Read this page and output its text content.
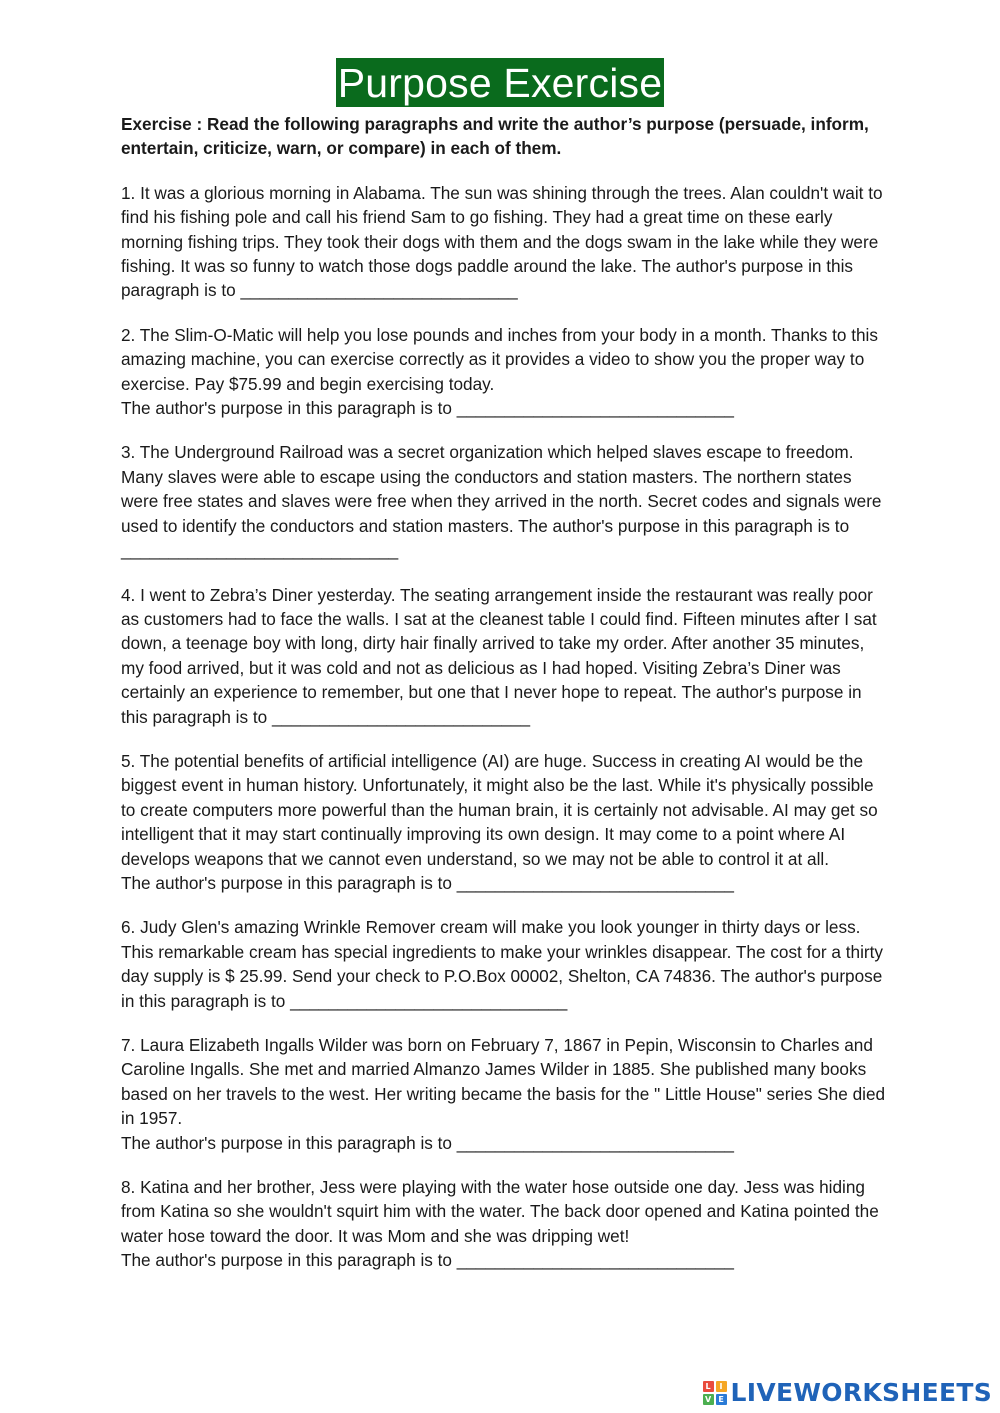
Purpose Exercise

Exercise : Read the following paragraphs and write the author’s purpose (persuade, inform, entertain, criticize, warn, or compare) in each of them.

1. It was a glorious morning in Alabama. The sun was shining through the trees. Alan couldn't wait to find his fishing pole and call his friend Sam to go fishing. They had a great time on these early morning fishing trips. They took their dogs with them and the dogs swam in the lake while they were fishing. It was so funny to watch those dogs paddle around the lake. The author's purpose in this paragraph is to _____________________________

2. The Slim-O-Matic will help you lose pounds and inches from your body in a month. Thanks to this amazing machine, you can exercise correctly as it provides a video to show you the proper way to exercise. Pay $75.99 and begin exercising today.
The author's purpose in this paragraph is to _____________________________

3. The Underground Railroad was a secret organization which helped slaves escape to freedom. Many slaves were able to escape using the conductors and station masters. The northern states were free states and slaves were free when they arrived in the north. Secret codes and signals were used to identify the conductors and station masters. The author's purpose in this paragraph is to _____________________________

4. I went to Zebra’s Diner yesterday. The seating arrangement inside the restaurant was really poor as customers had to face the walls. I sat at the cleanest table I could find. Fifteen minutes after I sat down, a teenage boy with long, dirty hair finally arrived to take my order. After another 35 minutes, my food arrived, but it was cold and not as delicious as I had hoped. Visiting Zebra’s Diner was certainly an experience to remember, but one that I never hope to repeat. The author's purpose in this paragraph is to ___________________________

5. The potential benefits of artificial intelligence (AI) are huge. Success in creating AI would be the biggest event in human history. Unfortunately, it might also be the last. While it's physically possible to create computers more powerful than the human brain, it is certainly not advisable. AI may get so intelligent that it may start continually improving its own design. It may come to a point where AI develops weapons that we cannot even understand, so we may not be able to control it at all.
The author's purpose in this paragraph is to _____________________________

6. Judy Glen's amazing Wrinkle Remover cream will make you look younger in thirty days or less. This remarkable cream has special ingredients to make your wrinkles disappear. The cost for a thirty day supply is $ 25.99. Send your check to P.O.Box 00002, Shelton, CA 74836. The author's purpose in this paragraph is to _____________________________

7. Laura Elizabeth Ingalls Wilder was born on February 7, 1867 in Pepin, Wisconsin to Charles and Caroline Ingalls. She met and married Almanzo James Wilder in 1885. She published many books based on her travels to the west. Her writing became the basis for the " Little House" series She died in 1957.
The author's purpose in this paragraph is to _____________________________

8. Katina and her brother, Jess were playing with the water hose outside one day. Jess was hiding from Katina so she wouldn't squirt him with the water. The back door opened and Katina pointed the water hose toward the door. It was Mom and she was dripping wet!
The author's purpose in this paragraph is to _____________________________

L	I
V E LIVEWORKSHEETS
